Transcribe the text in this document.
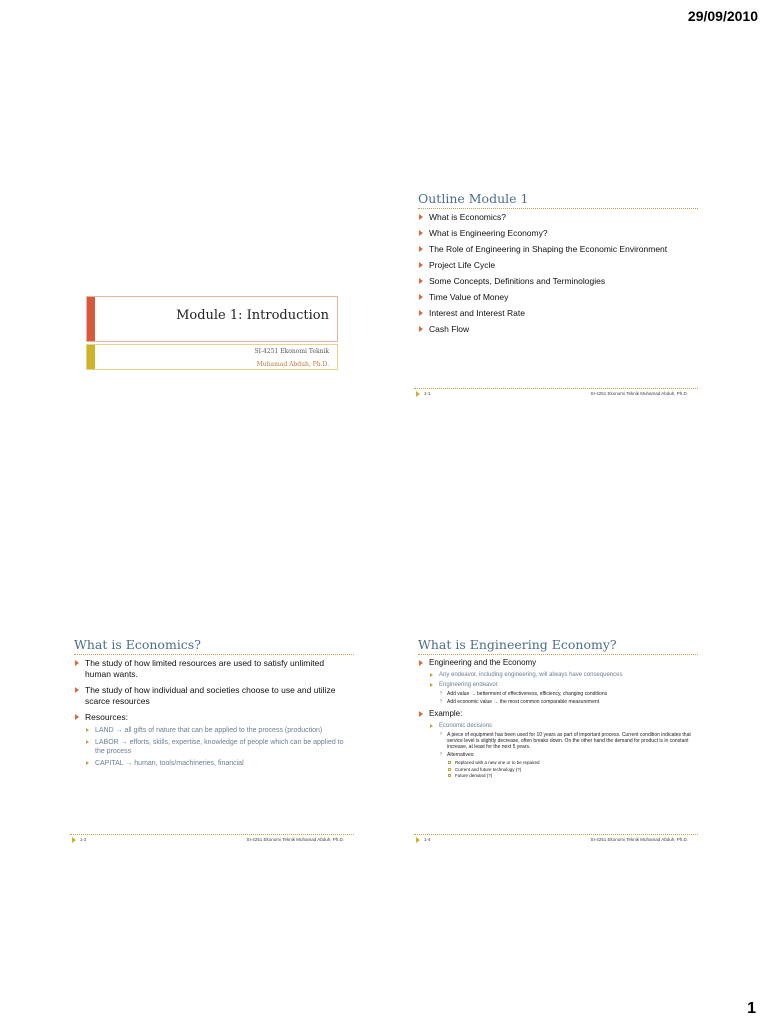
29/09/2010
Module 1: Introduction
SI-4251 Ekonomi Teknik
Muhamad Abduh, Ph.D.
Outline Module 1
What is Economics?
What is Engineering Economy?
The Role of Engineering in Shaping the Economic Environment
Project Life Cycle
Some Concepts, Definitions and Terminologies
Time Value of Money
Interest and Interest Rate
Cash Flow
1-1	SI-4251 Ekonomi Teknik Muhamad Abduh, Ph.D.
What is Economics?
The study of how limited resources are used to satisfy unlimited human wants.
The study of how individual and societies choose to use and utilize scarce resources
Resources:
LAND → all gifts of nature that can be applied to the process (production)
LABOR → efforts, skills, expertise, knowledge of people which can be applied to the process
CAPITAL → human, tools/machineries, financial
1-2	SI-4251 Ekonomi Teknik Muhamad Abduh, Ph.D.
What is Engineering Economy?
Engineering and the Economy
Any endeavor, including engineering, will always have consequences
Engineering endeavor
› Add value → betterment of effectiveness, efficiency, changing conditions
› Add economic value → the most common comparable measurement
Example:
Economic decisions
› A piece of equipment has been used for 10 years as part of important process. Current condition indicates that service level is slightly decrease, often breaks down. On the other hand the demand for product is in constant increase, at least for the next 5 years.
› Alternatives:
Replaced with a new one or to be repaired
Current and future technology (?)
Future demand (?)
1-4	SI-4251 Ekonomi Teknik Muhamad Abduh, Ph.D.
1
